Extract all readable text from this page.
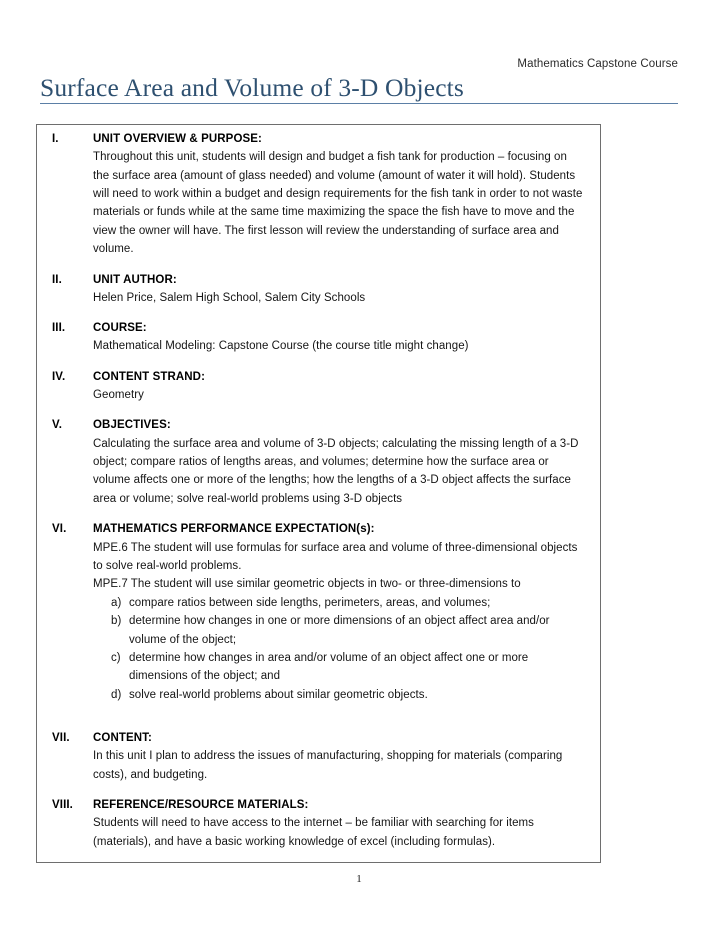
Mathematics Capstone Course
Surface Area and Volume of 3-D Objects
I.	UNIT OVERVIEW & PURPOSE:
Throughout this unit, students will design and budget a fish tank for production – focusing on the surface area (amount of glass needed) and volume (amount of water it will hold). Students will need to work within a budget and design requirements for the fish tank in order to not waste materials or funds while at the same time maximizing the space the fish have to move and the view the owner will have. The first lesson will review the understanding of surface area and volume.
II.	UNIT AUTHOR:
Helen Price, Salem High School, Salem City Schools
III.	COURSE:
Mathematical Modeling: Capstone Course (the course title might change)
IV.	CONTENT STRAND:
Geometry
V.	OBJECTIVES:
Calculating the surface area and volume of 3-D objects; calculating the missing length of a 3-D object; compare ratios of lengths areas, and volumes; determine how the surface area or volume affects one or more of the lengths; how the lengths of a 3-D object affects the surface area or volume; solve real-world problems using 3-D objects
VI.	MATHEMATICS PERFORMANCE EXPECTATION(s):

MPE.6 The student will use formulas for surface area and volume of three-dimensional objects to solve real-world problems.

MPE.7 The student will use similar geometric objects in two- or three-dimensions to

a) compare ratios between side lengths, perimeters, areas, and volumes;
b) determine how changes in one or more dimensions of an object affect area and/or volume of the object;
c) determine how changes in area and/or volume of an object affect one or more dimensions of the object; and
d) solve real-world problems about similar geometric objects.
VII.	CONTENT:
In this unit I plan to address the issues of manufacturing, shopping for materials (comparing costs), and budgeting.
VIII.	REFERENCE/RESOURCE MATERIALS:
Students will need to have access to the internet – be familiar with searching for items (materials), and have a basic working knowledge of excel (including formulas).
1
